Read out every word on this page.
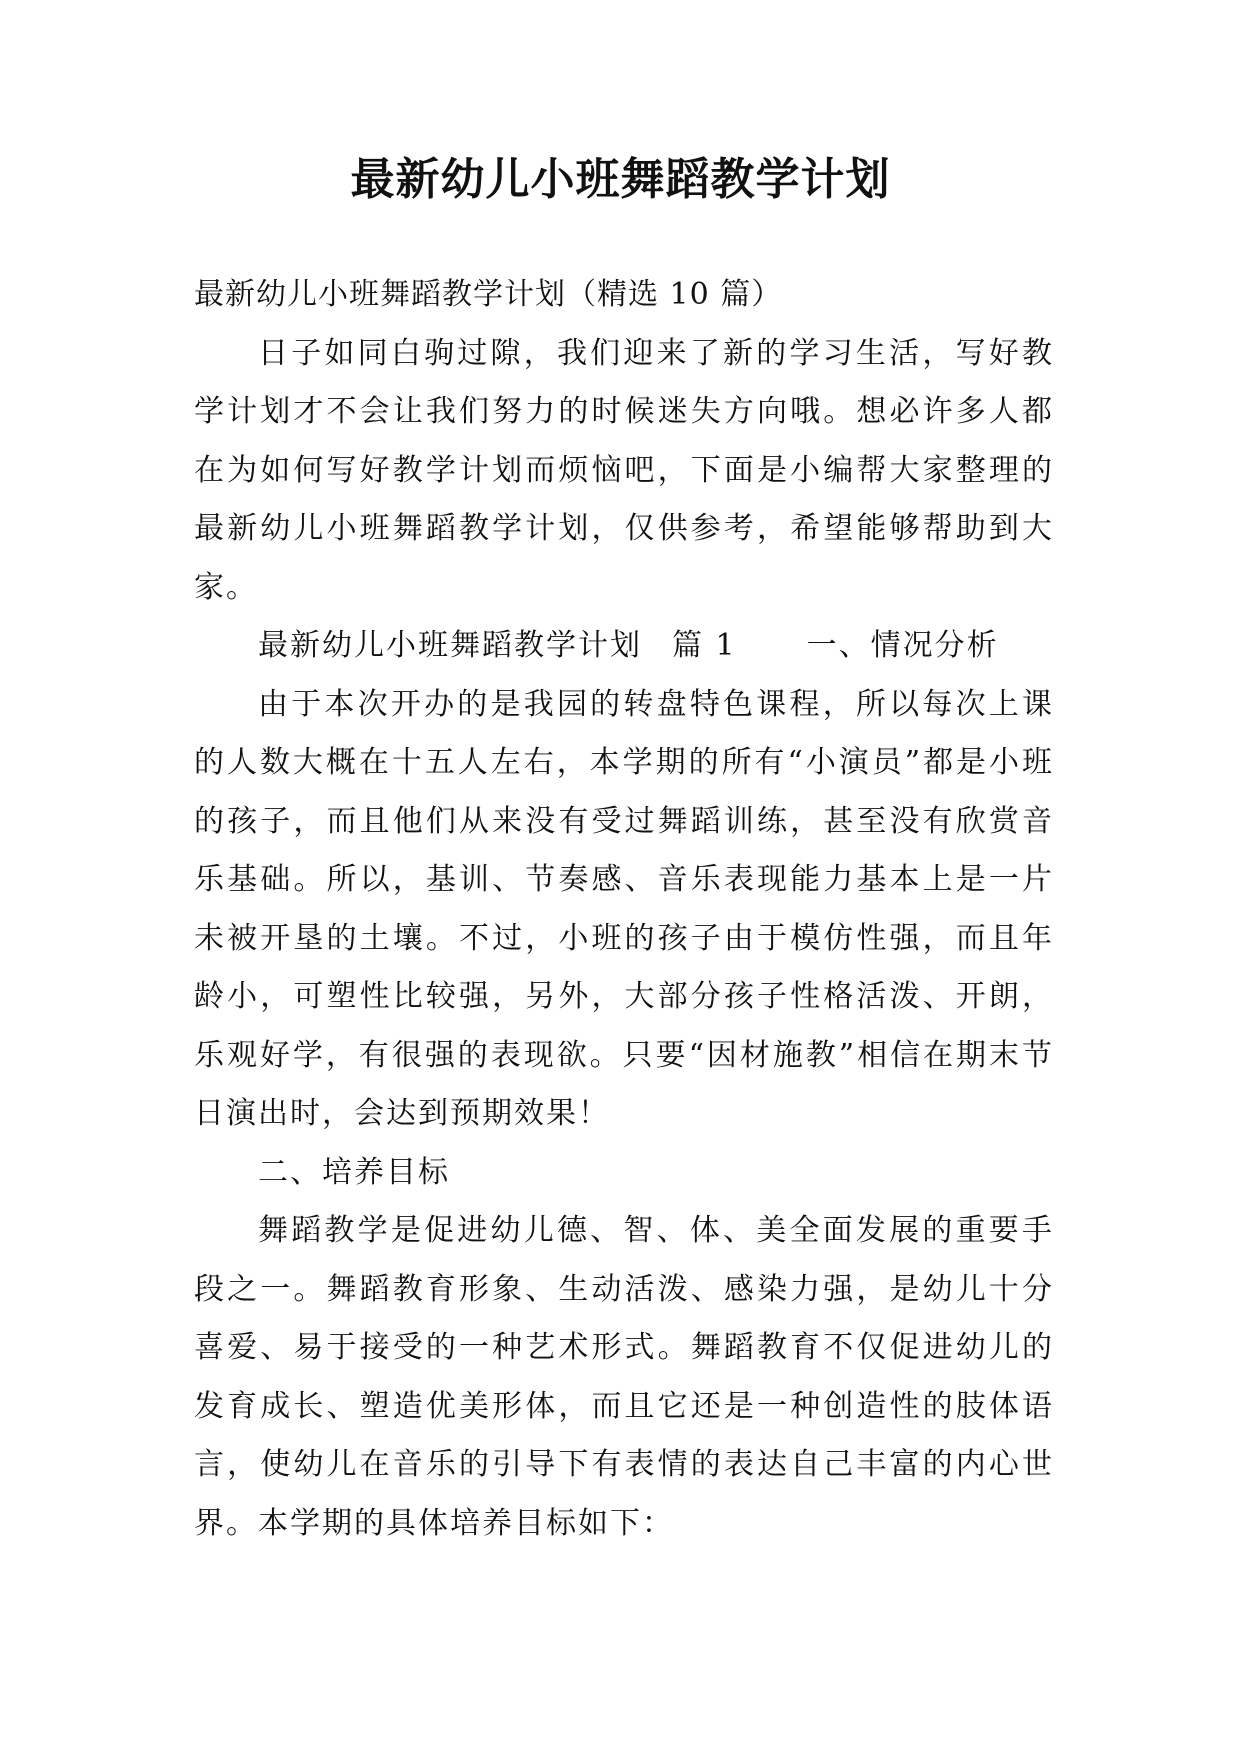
最新幼儿小班舞蹈教学计划

最新幼儿小班舞蹈教学计划（精选 10 篇）

日子如同白驹过隙，我们迎来了新的学习生活，写好教学计划才不会让我们努力的时候迷失方向哦。想必许多人都在为如何写好教学计划而烦恼吧，下面是小编帮大家整理的最新幼儿小班舞蹈教学计划，仅供参考，希望能够帮助到大家。

最新幼儿小班舞蹈教学计划 篇 1 一、情况分析

由于本次开办的是我园的转盘特色课程，所以每次上课的人数大概在十五人左右，本学期的所有“小演员”都是小班的孩子，而且他们从来没有受过舞蹈训练，甚至没有欣赏音乐基础。所以，基训、节奏感、音乐表现能力基本上是一片未被开垦的土壤。不过，小班的孩子由于模仿性强，而且年龄小，可塑性比较强，另外，大部分孩子性格活泼、开朗，乐观好学，有很强的表现欲。只要“因材施教”相信在期末节日演出时，会达到预期效果！

二、培养目标

舞蹈教学是促进幼儿德、智、体、美全面发展的重要手段之一。舞蹈教育形象、生动活泼、感染力强，是幼儿十分喜爱、易于接受的一种艺术形式。舞蹈教育不仅促进幼儿的发育成长、塑造优美形体，而且它还是一种创造性的肢体语言，使幼儿在音乐的引导下有表情的表达自己丰富的内心世界。本学期的具体培养目标如下：
